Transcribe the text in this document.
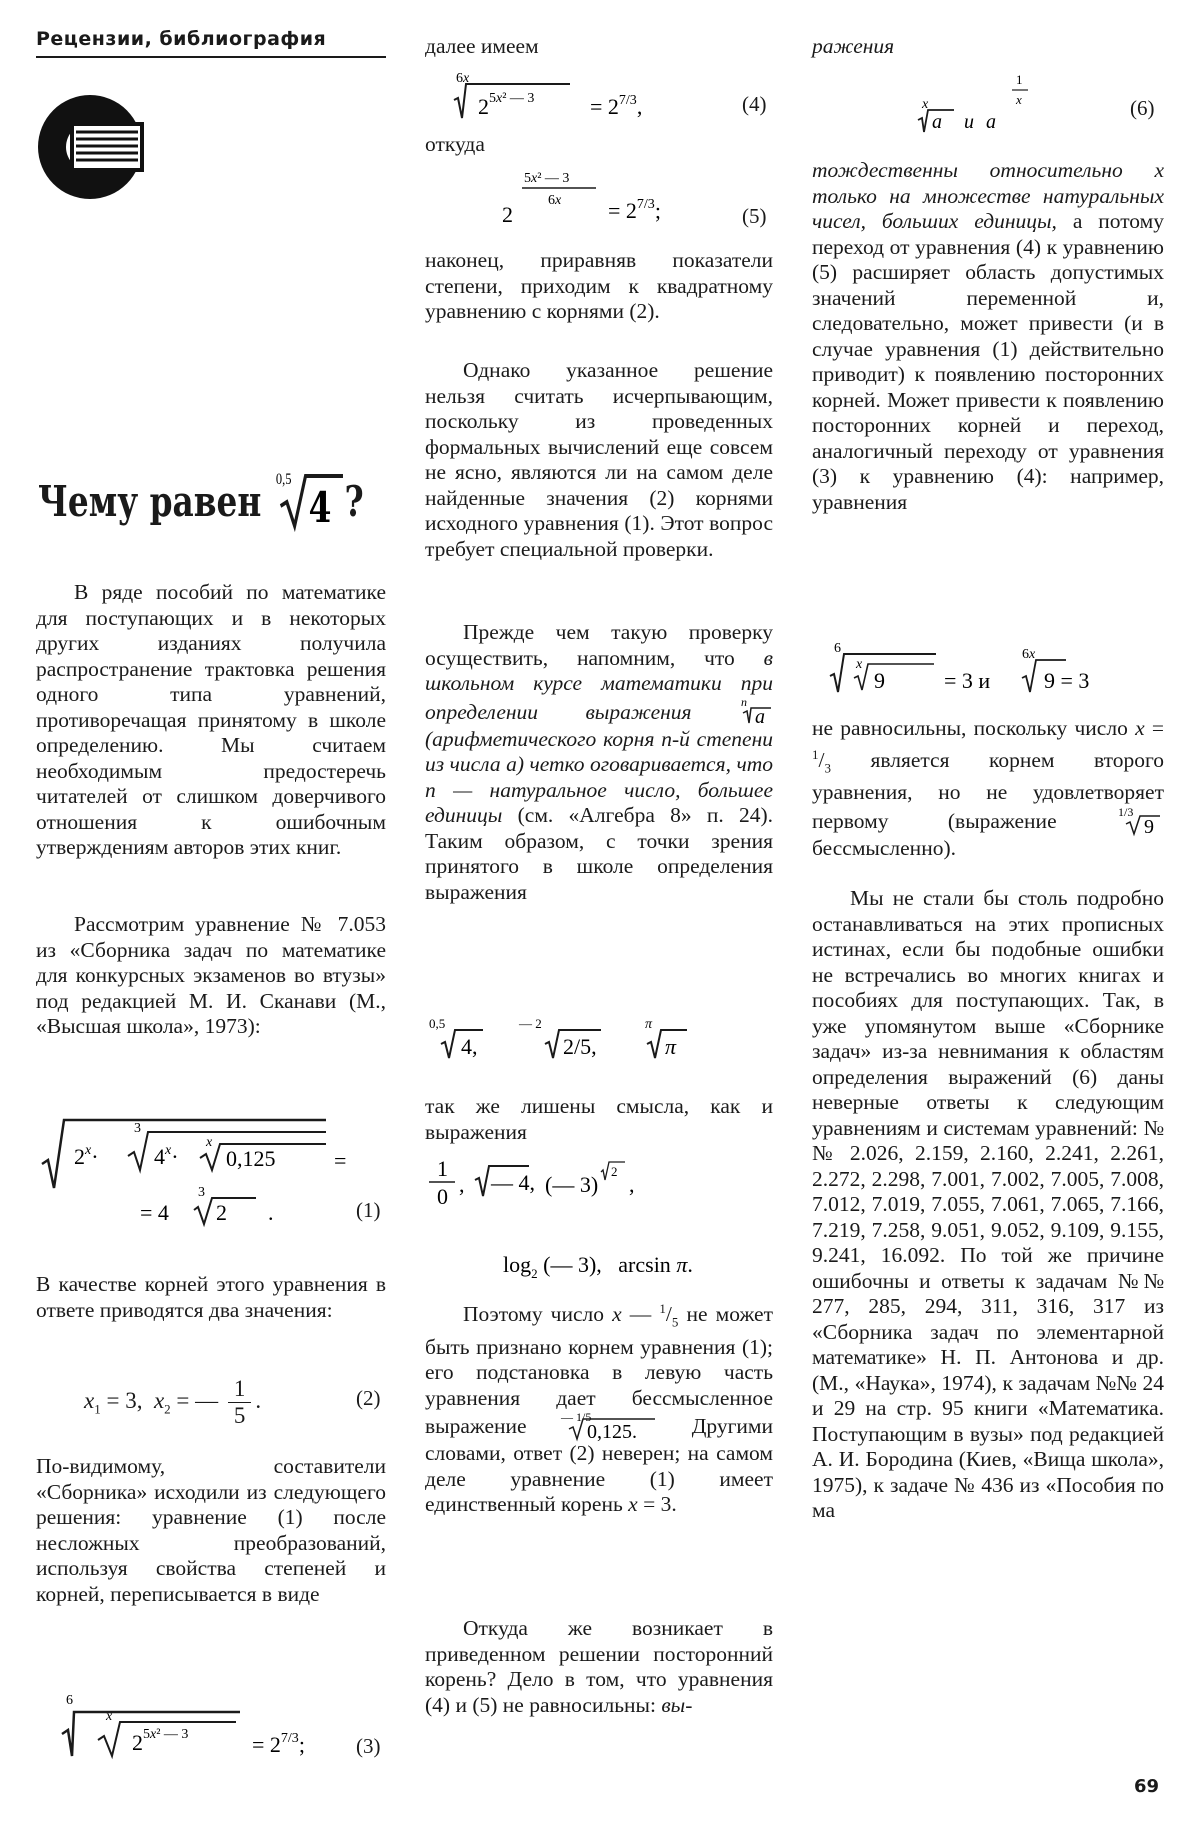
Рецензии, библиография
Чему равен 0,5
4 ?
В ряде пособий по математике для поступающих и в некоторых других изданиях получила распространение трактовка решения одного типа уравнений, противоречащая принятому в школе определению. Мы считаем необходимым предостеречь читателей от слишком доверчивого отношения к ошибочным утверждениям авторов этих книг.
Рассмотрим уравнение № 7.053 из «Сборника задач по математике для конкурсных экзаменов во втузы» под редакцией М. И. Сканави (М., «Высшая школа», 1973):
$2^x\cdot$
3
$4^x\cdot$
x
0,125	=
= 4
3
2 .	(1)
В качестве корней этого уравнения в ответе приводятся два значения:
$x_1 = 3$,  $x_2$ = — $\frac{1}{5}$ .	(2)
По-видимому, составители «Сборника» исходили из следующего решения: уравнение (1) после несложных преобразований, используя свойства степеней и корней, переписывается в виде
6
x
$2^{5x^2 — 3}$	= $2^{7/3}$; (3)
далее имеем
6x
$2^{5x^2 — 3}$	= $2^{7/3}$,	(4)
откуда
5x² — 3
6x
2	= $2^{7/3}$;	(5)
наконец, приравняв показатели степени, приходим к квадратному уравнению с корнями (2).
Однако указанное решение нельзя считать исчерпывающим, поскольку из проведенных формальных вычислений еще совсем не ясно, являются ли на самом деле найденные значения (2) корнями исходного уравнения (1). Этот вопрос требует специальной проверки.
Прежде чем такую проверку осуществить, напомним, что в школьном курсе математики при определении выражения	n
a
(арифметического корня n-й степени из числа a) четко оговаривается, что n — натуральное число, большее единицы (см. «Алгебра 8» п. 24). Таким образом, с точки зрения принятого в школе определения выражения
0,5
4,
— 2
2/5,
π
π
так же лишены смысла, как и выражения
1
0 , — 4, (— 3)
2
,
$\log_2$ (— 3),   arcsin π.
Поэтому число x — $^1/_5$ не может быть признано корнем уравнения (1); его подстановка в левую часть уравнения дает бессмысленное выражение	— 1/5
0,125.	Другими словами, ответ (2) неверен; на самом деле уравнение (1) имеет единственный корень x = 3.
Откуда же возникает в приведенном решении посторонний корень? Дело в том, что уравнения (4) и (5) не равносильны: вы-
ражения
x
a и a
1
x	(6)
тождественны относительно x только на множестве натуральных чисел, больших единицы, а потому переход от уравнения (4) к уравнению (5) расширяет область допустимых значений переменной и, следовательно, может привести (и в случае уравнения (1) действительно приводит) к появлению посторонних корней. Может привести к появлению посторонних корней и переход, аналогичный переходу от уравнения (3) к уравнению (4): например, уравнения
6
x
9	= 3 и
6x
9 = 3
не равносильны, поскольку число $x = ^1/_3$ является корнем второго уравнения, но не удовлетворяет первому (выражение	1/3
9
бессмысленно).
Мы не стали бы столь подробно останавливаться на этих прописных истинах, если бы подобные ошибки не встречались во многих книгах и пособиях для поступающих. Так, в уже упомянутом выше «Сборнике задач» из-за невнимания к областям определения выражений (6) даны неверные ответы к следующим уравнениям и системам уравнений: №№ 2.026, 2.159, 2.160, 2.241, 2.261, 2.272, 2.298, 7.001, 7.002, 7.005, 7.008, 7.012, 7.019, 7.055, 7.061, 7.065, 7.166, 7.219, 7.258, 9.051, 9.052, 9.109, 9.155, 9.241, 16.092. По той же причине ошибочны и ответы к задачам №№ 277, 285, 294, 311, 316, 317 из «Сборника задач по элементарной математике» Н. П. Антонова и др. (М., «Наука», 1974), к задачам №№ 24 и 29 на стр. 95 книги «Математика. Поступающим в вузы» под редакцией А. И. Бородина (Киев, «Вища школа», 1975), к задаче № 436 из «Пособия по ма
69
